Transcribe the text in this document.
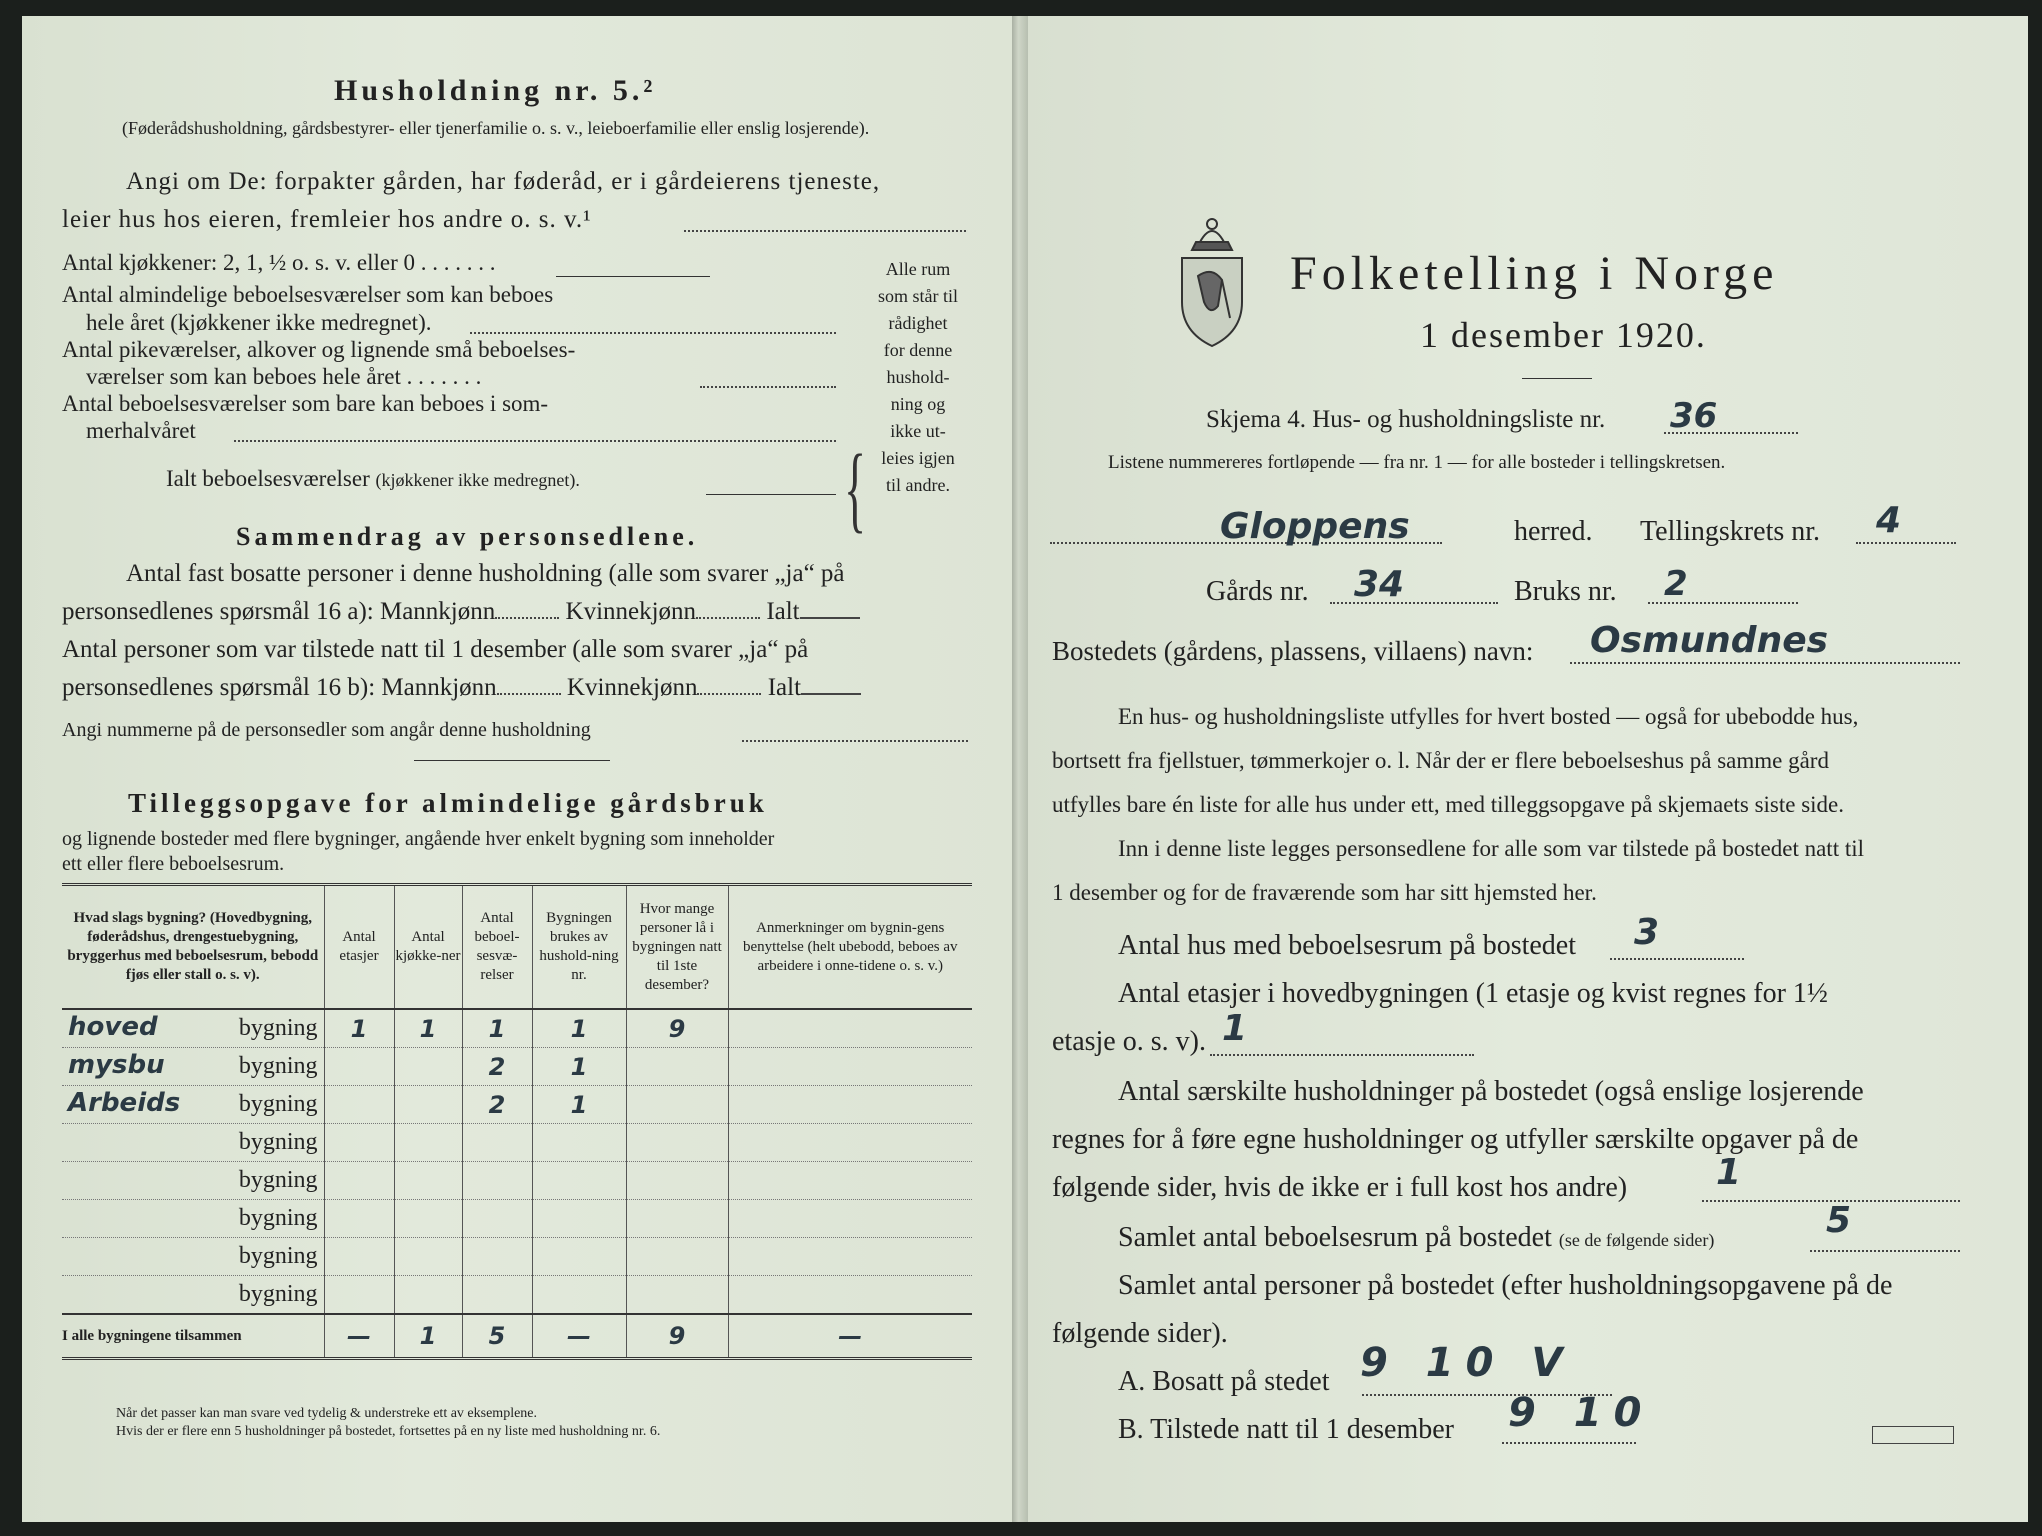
Husholdning nr. 5.²
(Føderådshusholdning, gårdsbestyrer- eller tjenerfamilie o. s. v., leieboerfamilie eller enslig losjerende).
Angi om De: forpakter gården, har føderåd, er i gårdeierens tjeneste,
leier hus hos eieren, fremleier hos andre o. s. v.¹
Antal kjøkkener: 2, 1, ½ o. s. v. eller 0 . . . . . . .
Antal almindelige beboelsesværelser som kan beboes
hele året (kjøkkener ikke medregnet).
Antal pikeværelser, alkover og lignende små beboelses-
værelser som kan beboes hele året . . . . . . .
Antal beboelsesværelser som bare kan beboes i som-
merhalvåret
Ialt beboelsesværelser (kjøkkener ikke medregnet).	{
Alle rum
som står til
rådighet
for denne
hushold-
ning og
ikke ut-
leies igjen
til andre.
Sammendrag av personsedlene.
Antal fast bosatte personer i denne husholdning (alle som svarer „ja“ på
personsedlenes spørsmål 16 a): Mannkjønn	Kvinnekjønn	Ialt
Antal personer som var tilstede natt til 1 desember (alle som svarer „ja“ på
personsedlenes spørsmål 16 b): Mannkjønn	Kvinnekjønn	Ialt
Angi nummerne på de personsedler som angår denne husholdning
Tilleggsopgave for almindelige gårdsbruk
og lignende bosteder med flere bygninger, angående hver enkelt bygning som inneholder
ett eller flere beboelsesrum.
Hvad slags bygning? (Hovedbygning, føderådshus, drengestuebygning, bryggerhus med beboelsesrum, bebodd fjøs eller stall o. s. v).	Antal etasjer	Antal kjøkke-ner	Antal beboel-sesvæ-relser	Bygningen brukes av hushold-ning nr.	Hvor mange personer lå i bygningen natt til 1ste desember?	Anmerkninger om bygnin-gens benyttelse (helt ubebodd, beboes av arbeidere i onne-tidene o. s. v.)

hoved bygning	1	1	1	1	9	

mysbu bygning			2	1		

Arbeids bygning			2	1		

bygning						

bygning						

bygning						

bygning						

bygning						
I alle bygningene tilsammen	—	1	5	—	9	—
Når det passer kan man svare ved tydelig & understreke ett av eksemplene.
Hvis der er flere enn 5 husholdninger på bostedet, fortsettes på en ny liste med husholdning nr. 6.
Folketelling i Norge
1 desember 1920.
Skjema 4. Hus- og husholdningsliste nr. 36
Listene nummereres fortløpende — fra nr. 1 — for alle bosteder i tellingskretsen.
Gloppens	herred. Tellingskrets nr. 4
Gårds nr. 34	Bruks nr. 2
Bostedets (gårdens, plassens, villaens) navn: Osmundnes
En hus- og husholdningsliste utfylles for hvert bosted — også for ubebodde hus,
bortsett fra fjellstuer, tømmerkojer o. l. Når der er flere beboelseshus på samme gård
utfylles bare én liste for alle hus under ett, med tilleggsopgave på skjemaets siste side.
Inn i denne liste legges personsedlene for alle som var tilstede på bostedet natt til
1 desember og for de fraværende som har sitt hjemsted her.
Antal hus med beboelsesrum på bostedet 3
Antal etasjer i hovedbygningen (1 etasje og kvist regnes for 1½
etasje o. s. v). 1
Antal særskilte husholdninger på bostedet (også enslige losjerende
regnes for å føre egne husholdninger og utfyller særskilte opgaver på de
følgende sider, hvis de ikke er i full kost hos andre) 1
Samlet antal beboelsesrum på bostedet (se de følgende sider)	5
Samlet antal personer på bostedet (efter husholdningsopgavene på de
følgende sider).
A. Bosatt på stedet 9 10 V
B. Tilstede natt til 1 desember 9 10
